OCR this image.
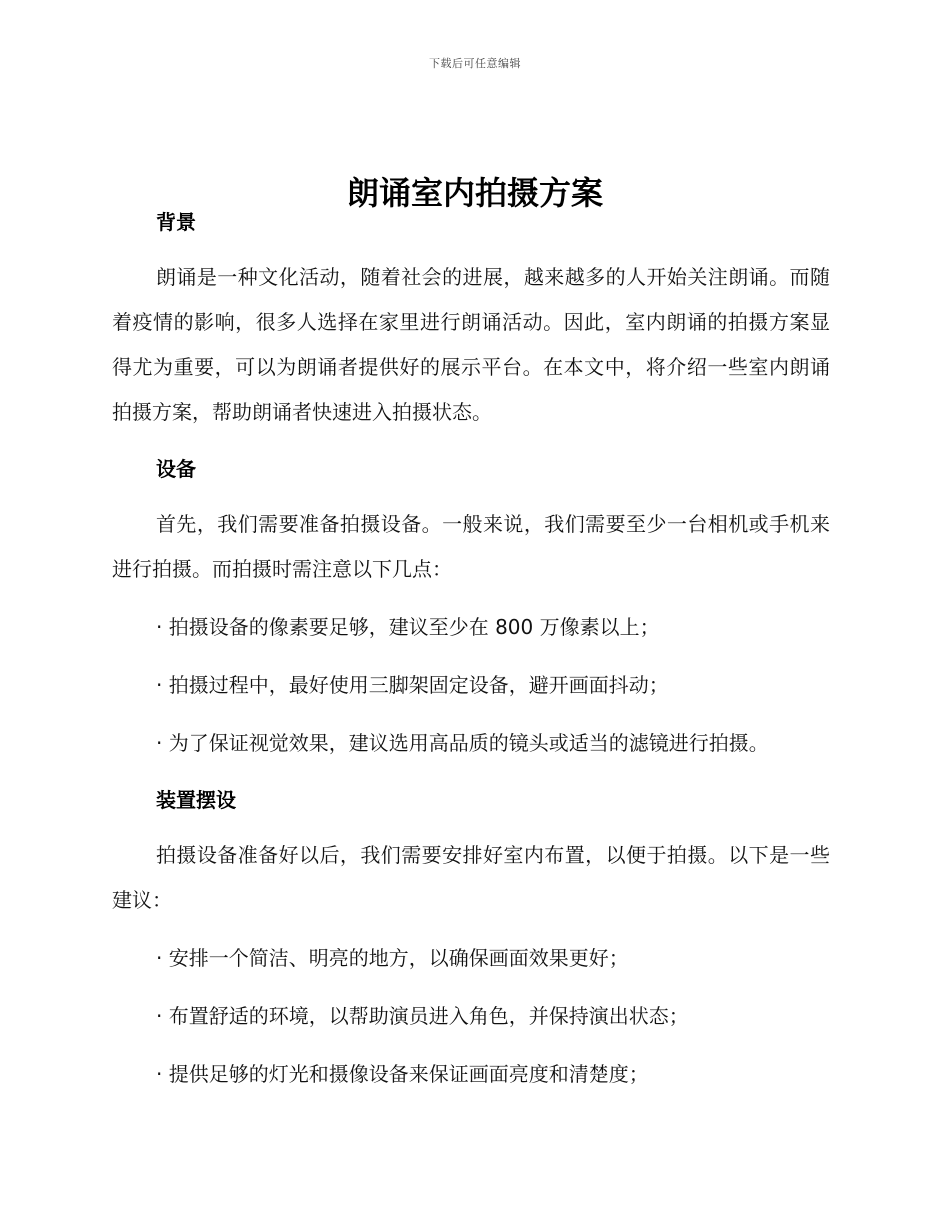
下载后可任意编辑
朗诵室内拍摄方案
背景

朗诵是一种文化活动，随着社会的进展，越来越多的人开始关注朗诵。而随着疫情的影响，很多人选择在家里进行朗诵活动。因此，室内朗诵的拍摄方案显得尤为重要，可以为朗诵者提供好的展示平台。在本文中，将介绍一些室内朗诵拍摄方案，帮助朗诵者快速进入拍摄状态。

设备

首先，我们需要准备拍摄设备。一般来说，我们需要至少一台相机或手机来进行拍摄。而拍摄时需注意以下几点：

· 拍摄设备的像素要足够，建议至少在 800 万像素以上；

· 拍摄过程中，最好使用三脚架固定设备，避开画面抖动；

· 为了保证视觉效果，建议选用高品质的镜头或适当的滤镜进行拍摄。

装置摆设

拍摄设备准备好以后，我们需要安排好室内布置，以便于拍摄。以下是一些建议：

· 安排一个简洁、明亮的地方，以确保画面效果更好；

· 布置舒适的环境，以帮助演员进入角色，并保持演出状态；

· 提供足够的灯光和摄像设备来保证画面亮度和清楚度；
